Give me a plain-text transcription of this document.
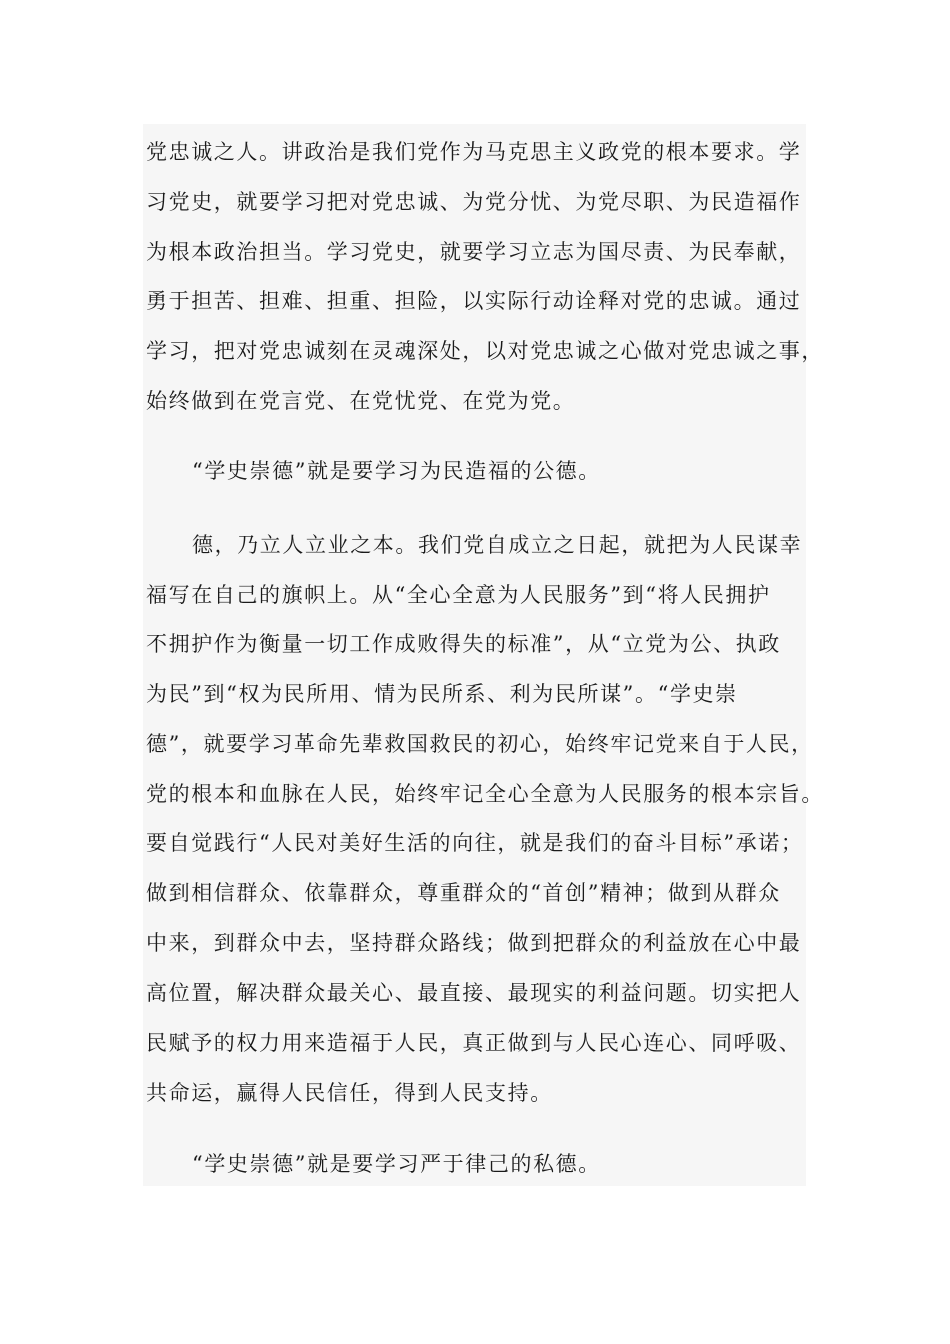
党忠诚之人。讲政治是我们党作为马克思主义政党的根本要求。学
习党史，就要学习把对党忠诚、为党分忧、为党尽职、为民造福作
为根本政治担当。学习党史，就要学习立志为国尽责、为民奉献，
勇于担苦、担难、担重、担险，以实际行动诠释对党的忠诚。通过
学习，把对党忠诚刻在灵魂深处，以对党忠诚之心做对党忠诚之事，
始终做到在党言党、在党忧党、在党为党。
“学史崇德”就是要学习为民造福的公德。
德，乃立人立业之本。我们党自成立之日起，就把为人民谋幸
福写在自己的旗帜上。从“全心全意为人民服务”到“将人民拥护
不拥护作为衡量一切工作成败得失的标准”，从“立党为公、执政
为民”到“权为民所用、情为民所系、利为民所谋”。“学史崇
德”，就要学习革命先辈救国救民的初心，始终牢记党来自于人民，
党的根本和血脉在人民，始终牢记全心全意为人民服务的根本宗旨。
要自觉践行“人民对美好生活的向往，就是我们的奋斗目标”承诺；
做到相信群众、依靠群众，尊重群众的“首创”精神；做到从群众
中来，到群众中去，坚持群众路线；做到把群众的利益放在心中最
高位置，解决群众最关心、最直接、最现实的利益问题。切实把人
民赋予的权力用来造福于人民，真正做到与人民心连心、同呼吸、
共命运，赢得人民信任，得到人民支持。
“学史崇德”就是要学习严于律己的私德。
